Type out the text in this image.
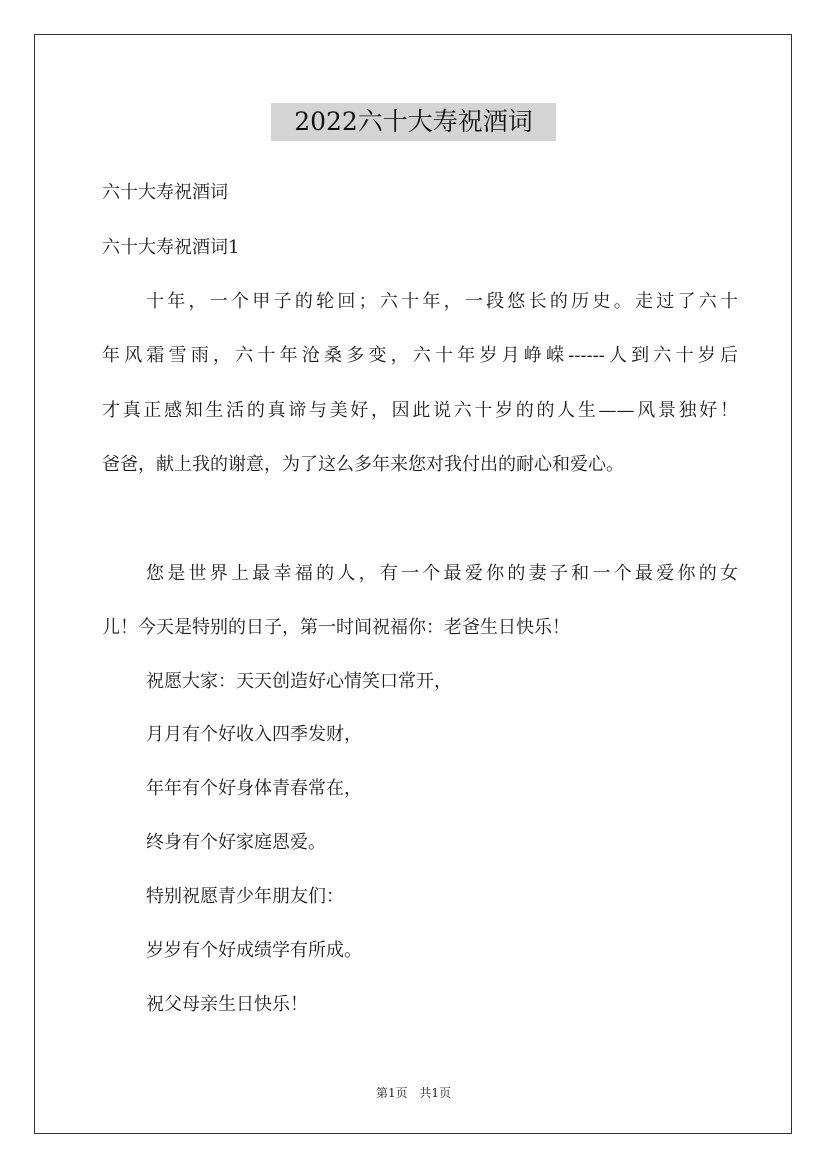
2022六十大寿祝酒词

六十大寿祝酒词

六十大寿祝酒词1

十年，一个甲子的轮回；六十年，一段悠长的历史。走过了六十

年风霜雪雨，六十年沧桑多变，六十年岁月峥嵘------人到六十岁后

才真正感知生活的真谛与美好，因此说六十岁的的人生——风景独好！

爸爸，献上我的谢意，为了这么多年来您对我付出的耐心和爱心。

您是世界上最幸福的人，有一个最爱你的妻子和一个最爱你的女

儿！今天是特别的日子，第一时间祝福你：老爸生日快乐！

祝愿大家：天天创造好心情笑口常开，

月月有个好收入四季发财，

年年有个好身体青春常在，

终身有个好家庭恩爱。

特别祝愿青少年朋友们：

岁岁有个好成绩学有所成。

祝父母亲生日快乐！

第1页 共1页
